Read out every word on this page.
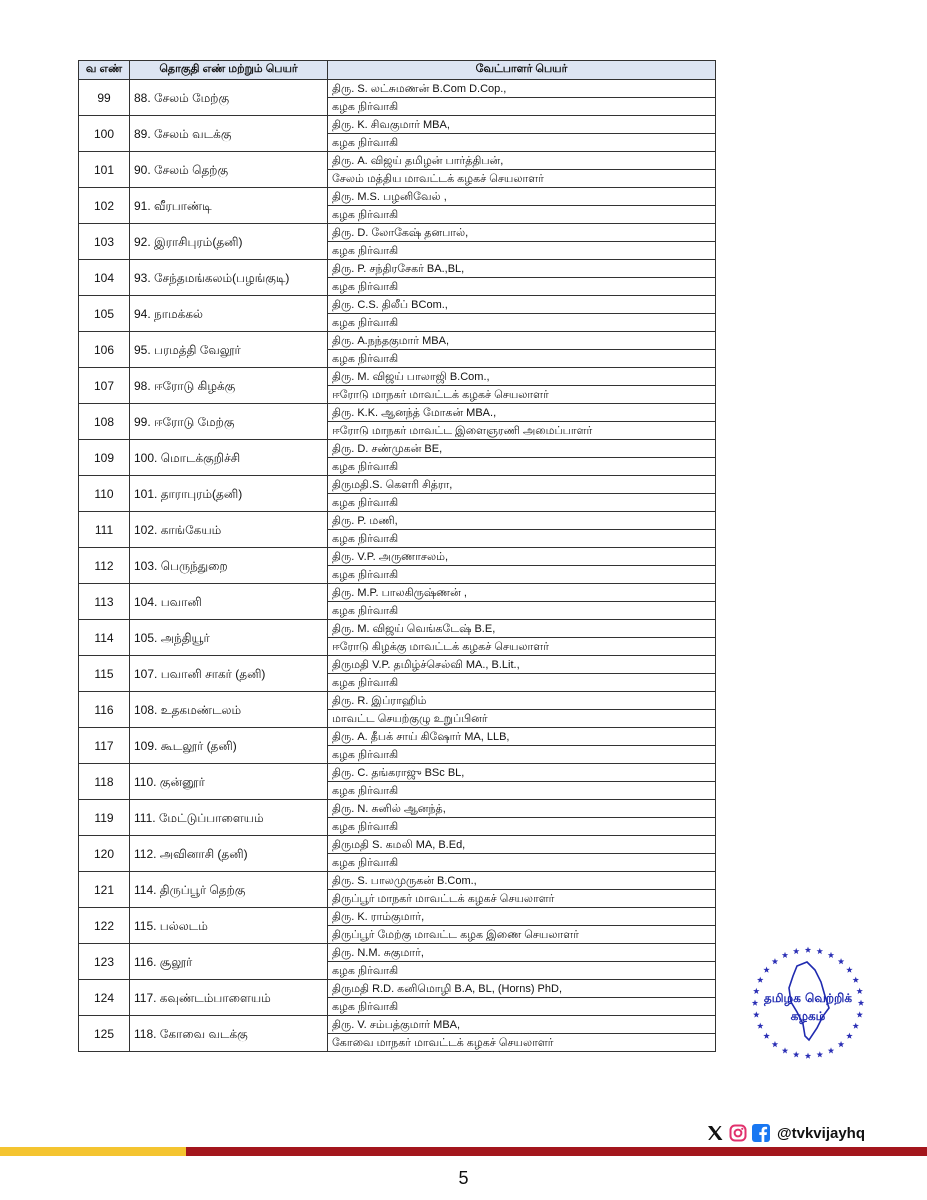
வ எண்	தொகுதி எண் மற்றும் பெயர்	வேட்பாளர் பெயர்
99	88. சேலம் மேற்கு	திரு. S. லட்சுமணன் B.Com D.Cop.,
		கழக நிர்வாகி
100	89. சேலம் வடக்கு	திரு. K. சிவகுமார் MBA,
		கழக நிர்வாகி
101	90. சேலம் தெற்கு	திரு. A. விஜய் தமிழன் பார்த்திபன்,
		சேலம் மத்திய மாவட்டக் கழகச் செயலாளர்
102	91. வீரபாண்டி	திரு. M.S. பழனிவேல் ,
		கழக நிர்வாகி
103	92. இராசிபுரம்(தனி)	திரு. D. லோகேஷ் தனபால்,
		கழக நிர்வாகி
104	93. சேந்தமங்கலம்(பழங்குடி)	திரு. P. சந்திரசேகர் BA.,BL,
		கழக நிர்வாகி
105	94. நாமக்கல்	திரு. C.S. திலீப் BCom.,
		கழக நிர்வாகி
106	95. பரமத்தி வேலூர்	திரு. A.நந்தகுமார் MBA,
		கழக நிர்வாகி
107	98. ஈரோடு கிழக்கு	திரு. M. விஜய் பாலாஜி B.Com.,
		ஈரோடு மாநகர் மாவட்டக் கழகச் செயலாளர்
108	99. ஈரோடு மேற்கு	திரு. K.K. ஆனந்த் மோகன் MBA.,
		ஈரோடு மாநகர் மாவட்ட இளைஞரணி அமைப்பாளர்
109	100. மொடக்குறிச்சி	திரு. D. சண்முகன் BE,
		கழக நிர்வாகி
110	101. தாராபுரம்(தனி)	திருமதி.S. கௌரி சித்ரா,
		கழக நிர்வாகி
111	102. காங்கேயம்	திரு. P. மணி,
		கழக நிர்வாகி
112	103. பெருந்துறை	திரு. V.P. அருணாசலம்,
		கழக நிர்வாகி
113	104. பவானி	திரு. M.P. பாலகிருஷ்ணன் ,
		கழக நிர்வாகி
114	105. அந்தியூர்	திரு. M. விஜய் வெங்கடேஷ் B.E,
		ஈரோடு கிழக்கு மாவட்டக் கழகச் செயலாளர்
115	107. பவானி சாகர் (தனி)	திருமதி V.P. தமிழ்ச்செல்வி MA., B.Lit.,
		கழக நிர்வாகி
116	108. உதகமண்டலம்	திரு. R. இப்ராஹிம்
		மாவட்ட செயற்குழு உறுப்பினர்
117	109. கூடலூர் (தனி)	திரு. A. தீபக் சாய் கிஷோர் MA, LLB,
		கழக நிர்வாகி
118	110. குன்னூர்	திரு. C. தங்கராஜு BSc BL,
		கழக நிர்வாகி
119	111. மேட்டுப்பாளையம்	திரு. N. சுனில் ஆனந்த்,
		கழக நிர்வாகி
120	112. அவினாசி (தனி)	திருமதி S. கமலி MA, B.Ed,
		கழக நிர்வாகி
121	114. திருப்பூர் தெற்கு	திரு. S. பாலமுருகன் B.Com.,
		திருப்பூர் மாநகர் மாவட்டக் கழகச் செயலாளர்
122	115. பல்லடம்	திரு. K. ராம்குமார்,
		திருப்பூர் மேற்கு மாவட்ட கழக இணை செயலாளர்
123	116. சூலூர்	திரு. N.M. சுகுமார்,
		கழக நிர்வாகி
124	117. கவுண்டம்பாளையம்	திருமதி R.D. கனிமொழி B.A, BL, (Horns) PhD,
		கழக நிர்வாகி
125	118. கோவை வடக்கு	திரு. V. சம்பத்குமார் MBA,
		கோவை மாநகர் மாவட்டக் கழகச் செயலாளர்
தமிழக வெற்றிக்
கழகம்
@tvkvijayhq
5
